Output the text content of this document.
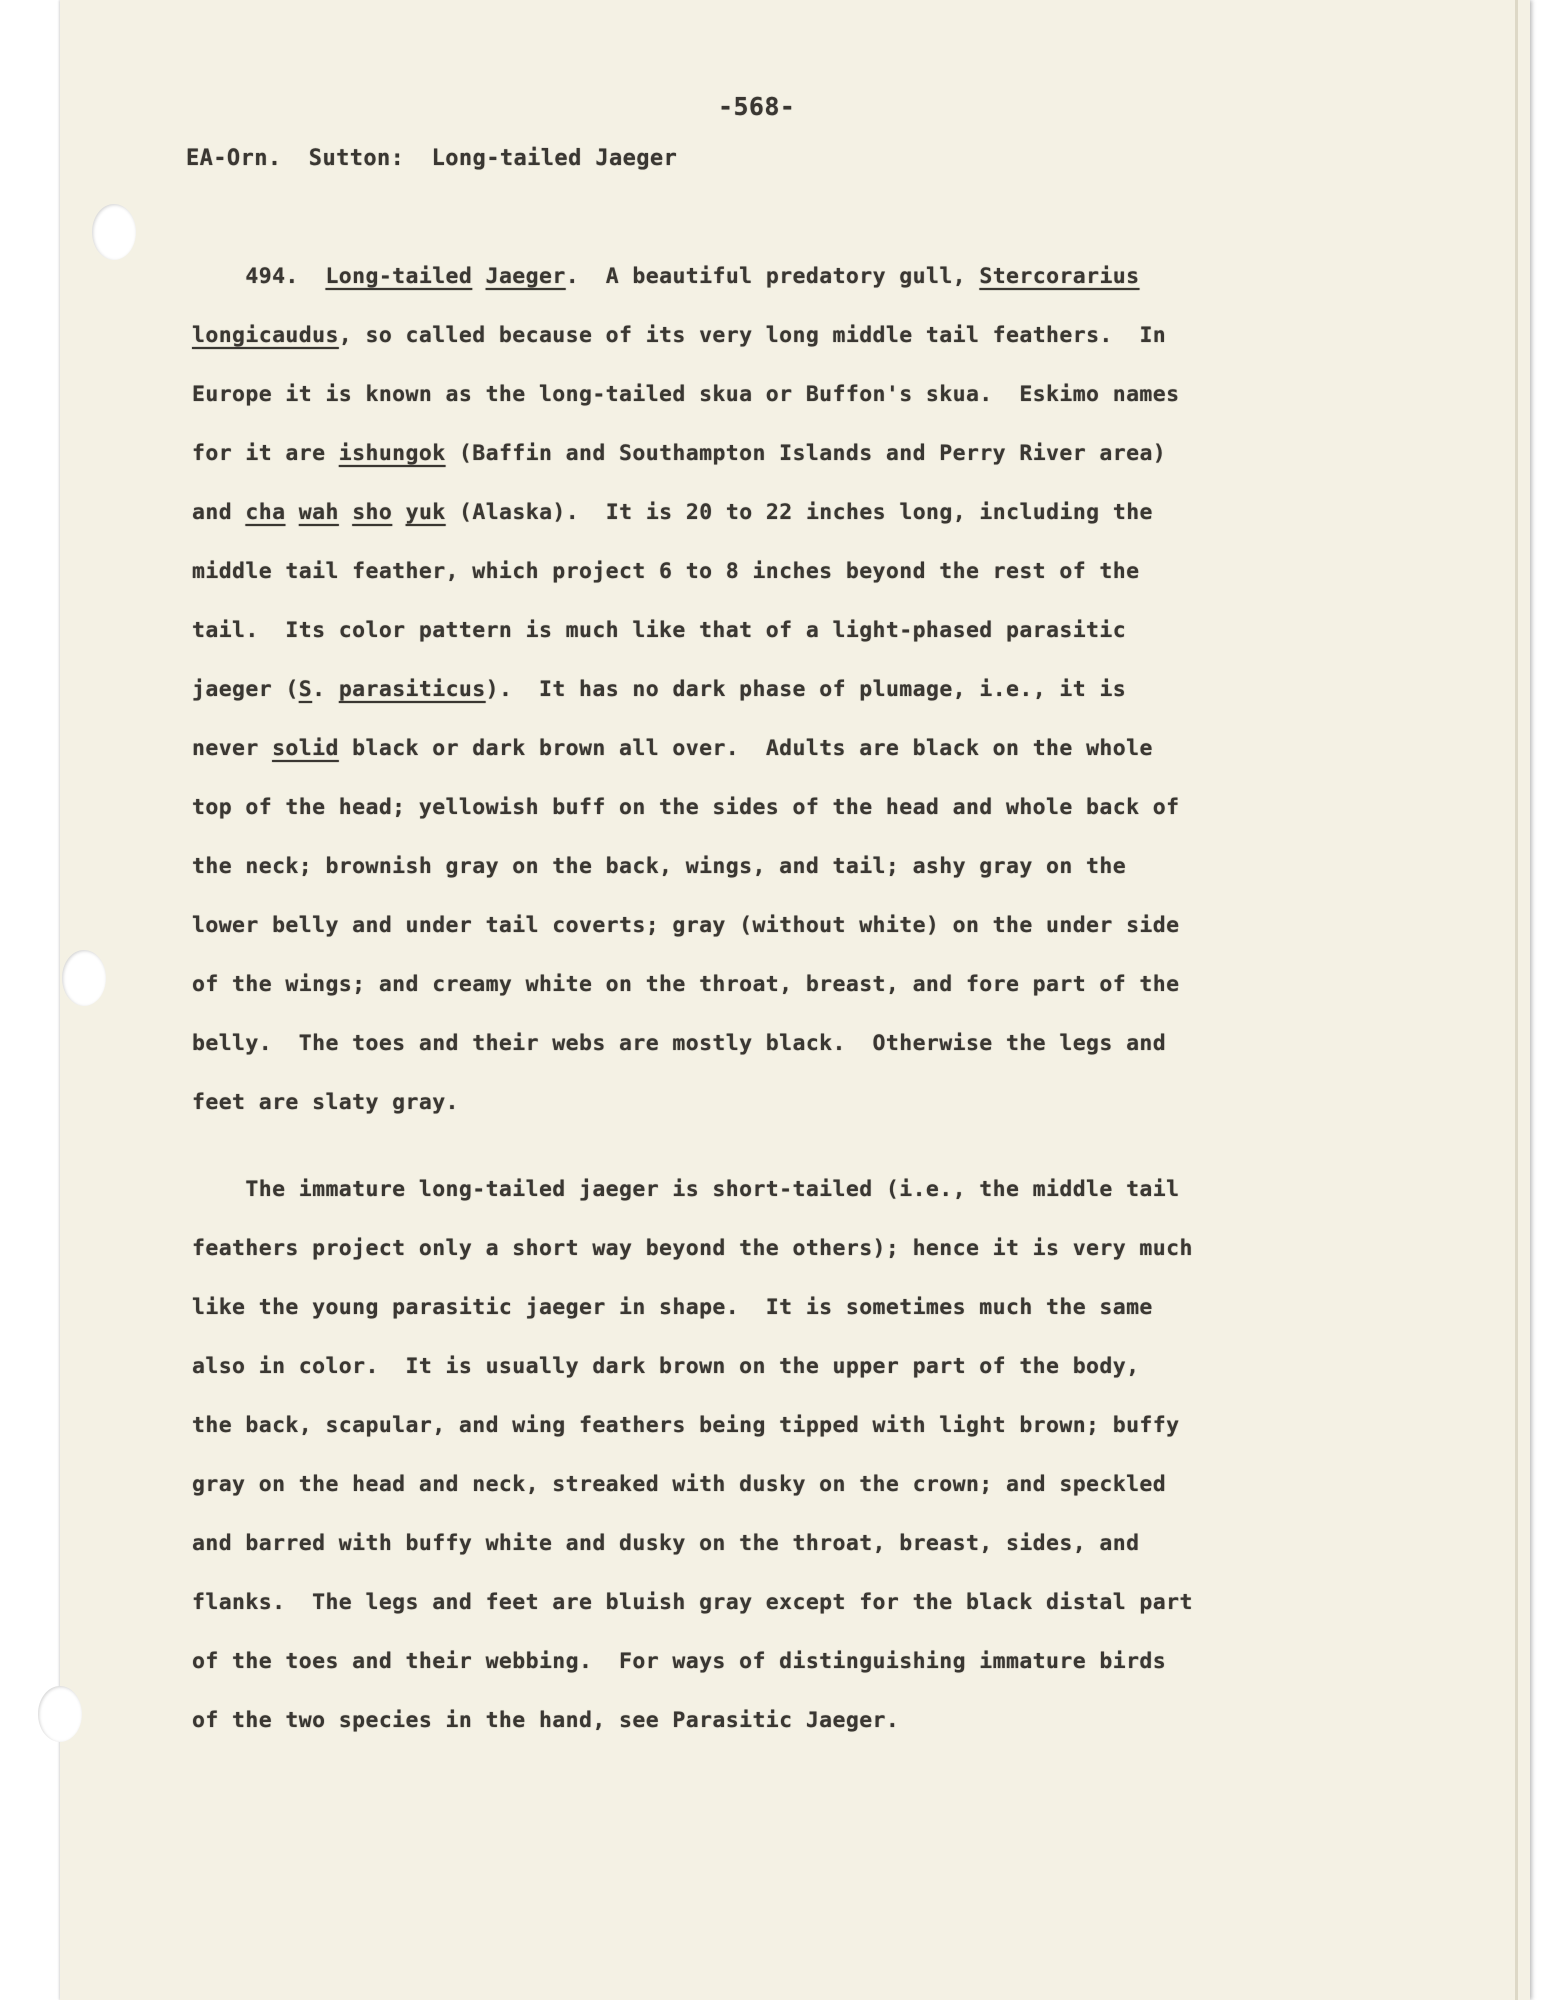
-568-
EA-Orn.  Sutton:  Long-tailed Jaeger
494.  Long-tailed Jaeger.  A beautiful predatory gull, Stercorarius
longicaudus, so called because of its very long middle tail feathers.  In
Europe it is known as the long-tailed skua or Buffon's skua.  Eskimo names
for it are ishungok (Baffin and Southampton Islands and Perry River area)
and cha wah sho yuk (Alaska).  It is 20 to 22 inches long, including the
middle tail feather, which project 6 to 8 inches beyond the rest of the
tail.  Its color pattern is much like that of a light-phased parasitic
jaeger (S. parasiticus).  It has no dark phase of plumage, i.e., it is
never solid black or dark brown all over.  Adults are black on the whole
top of the head; yellowish buff on the sides of the head and whole back of
the neck; brownish gray on the back, wings, and tail; ashy gray on the
lower belly and under tail coverts; gray (without white) on the under side
of the wings; and creamy white on the throat, breast, and fore part of the
belly.  The toes and their webs are mostly black.  Otherwise the legs and
feet are slaty gray.
The immature long-tailed jaeger is short-tailed (i.e., the middle tail
feathers project only a short way beyond the others); hence it is very much
like the young parasitic jaeger in shape.  It is sometimes much the same
also in color.  It is usually dark brown on the upper part of the body,
the back, scapular, and wing feathers being tipped with light brown; buffy
gray on the head and neck, streaked with dusky on the crown; and speckled
and barred with buffy white and dusky on the throat, breast, sides, and
flanks.  The legs and feet are bluish gray except for the black distal part
of the toes and their webbing.  For ways of distinguishing immature birds
of the two species in the hand, see Parasitic Jaeger.
